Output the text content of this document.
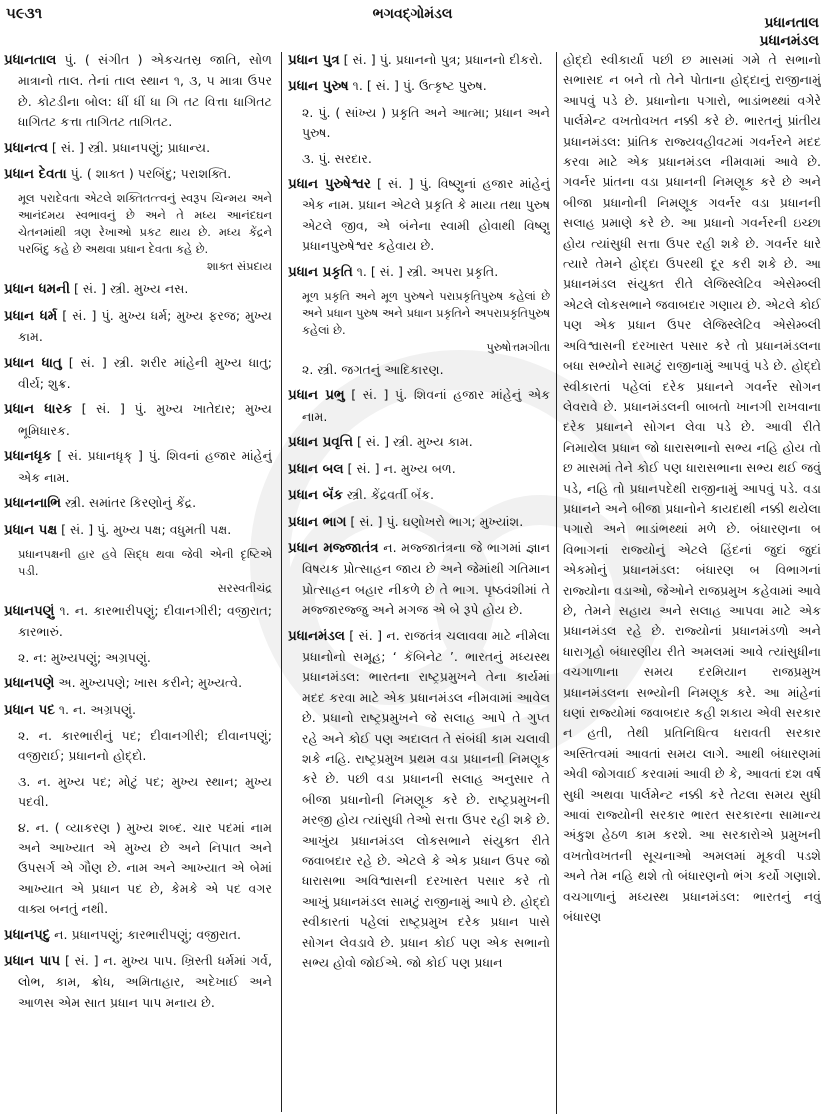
૫૯૩૧	ભગવદ્ગોમંડલ
પ્રધાનતાલ
પ્રધાનમંડલ
પ્રધાનતાલ પું. ( સંગીત ) એકચતસ્ર જાતિ, સોળ માત્રાનો તાલ. તેનાં તાલ સ્થાન ૧, ૩, ૫ માત્રા ઉપર છે. કોટડીના બોલ: ધીં ધીં ધા ગિ તટ વિત્તા ધાગિતટ ધાગિતટ કત્તા તાગિતટ તાગિતટ.
પ્રધાનત્વ [ સં. ] સ્ત્રી. પ્રધાનપણું; પ્રાધાન્ય.
પ્રધાન દેવતા પું. ( શાક્ત ) પરબિંદુ; પરાશક્તિ.
મૂલ પરાદેવતા એટલે શક્તિતત્ત્વનું સ્વરૂપ ચિન્મય અને આનંદમય સ્વભાવનું છે અને તે મધ્ય આનંદઘન ચેતનમાંથી ત્રણ રેખાઓ પ્રકટ થાય છે. મધ્ય કેંદ્રને પરબિંદુ કહે છે અથવા પ્રધાન દેવતા કહે છે.
શાક્ત સંપ્રદાય
પ્રધાન ધમની [ સં. ] સ્ત્રી. મુખ્ય નસ.
પ્રધાન ધર્મ [ સં. ] પું. મુખ્ય ધર્મ; મુખ્ય ફરજ; મુખ્ય કામ.
પ્રધાન ધાતુ [ સં. ] સ્ત્રી. શરીર માંહેની મુખ્ય ધાતુ; વીર્ય; શુક્ર.
પ્રધાન ધારક [ સં. ] પું. મુખ્ય ખાતેદાર; મુખ્ય ભૂમિધારક.
પ્રધાનધૃક [ સં. પ્રધાનધૃક્ ] પું. શિવનાં હજાર માંહેનું એક નામ.
પ્રધાનનાભિ સ્ત્રી. સમાંતર કિરણોનું કેંદ્ર.
પ્રધાન પક્ષ [ સં. ] પું. મુખ્ય પક્ષ; વધુમતી પક્ષ.
પ્રધાનપક્ષની હાર હવે સિદ્ધ થવા જેવી એની દૃષ્ટિએ પડી.
સરસ્વતીચંદ્ર
પ્રધાનપણું ૧. ન. કારભારીપણું; દીવાનગીરી; વજીરાત; કારભારું.
૨. ન: મુખ્યપણું; અગ્રપણું.
પ્રધાનપણે અ. મુખ્યપણે; ખાસ કરીને; મુખ્યત્વે.
પ્રધાન પદ ૧. ન. અગ્રપણું.
૨. ન. કારભારીનું પદ; દીવાનગીરી; દીવાનપણું; વજીરાઈ; પ્રધાનનો હોદ્દો.
૩. ન. મુખ્ય પદ; મોટું પદ; મુખ્ય સ્થાન; મુખ્ય પદવી.
૪. ન. ( વ્યાકરણ ) મુખ્ય શબ્દ. ચાર પદમાં નામ અને આખ્યાત એ મુખ્ય છે અને નિપાત અને ઉપસર્ગ એ ગૌણ છે. નામ અને આખ્યાત એ બેમાં આખ્યાત એ પ્રધાન પદ છે, કેમકે એ પદ વગર વાક્ય બનતું નથી.
પ્રધાનપદુ ન. પ્રધાનપણું; કારભારીપણું; વજીરાત.
પ્રધાન પાપ [ સં. ] ન. મુખ્ય પાપ. ખ્રિસ્તી ધર્મમાં ગર્વ, લોભ, કામ, ક્રોધ, અમિતાહાર, અદેખાઈ અને આળસ એમ સાત પ્રધાન પાપ મનાય છે.
પ્રધાન પુત્ર [ સં. ] પું. પ્રધાનનો પુત્ર; પ્રધાનનો દીકરો.
પ્રધાન પુરુષ ૧. [ સં. ] પું. ઉત્કૃષ્ટ પુરુષ.
૨. પું. ( સાંખ્ય ) પ્રકૃતિ અને આત્મા; પ્રધાન અને પુરુષ.
૩. પું. સરદાર.
પ્રધાન પુરુષેશ્વર [ સં. ] પું. વિષ્ણુનાં હજાર માંહેનું એક નામ. પ્રધાન એટલે પ્રકૃતિ કે માયા તથા પુરુષ એટલે જીવ, એ બંનેના સ્વામી હોવાથી વિષ્ણુ પ્રધાનપુરુષેશ્વર કહેવાય છે.
પ્રધાન પ્રકૃતિ ૧. [ સં. ] સ્ત્રી. અપરા પ્રકૃતિ.
મૂળ પ્રકૃતિ અને મૂળ પુરુષને પરાપ્રકૃતિપુરુષ કહેલાં છે અને પ્રધાન પુરુષ અને પ્રધાન પ્રકૃતિને અપરાપ્રકૃતિપુરુષ કહેલાં છે.
પુરુષોત્તમગીતા
૨. સ્ત્રી. જગતનું આદિકારણ.
પ્રધાન પ્રભુ [ સં. ] પું. શિવનાં હજાર માંહેનું એક નામ.
પ્રધાન પ્રવૃત્તિ [ સં. ] સ્ત્રી. મુખ્ય કામ.
પ્રધાન બલ [ સં. ] ન. મુખ્ય બળ.
પ્રધાન બૅંક સ્ત્રી. કેંદ્રવર્તી બૅંક.
પ્રધાન ભાગ [ સં. ] પું. ઘણોખરો ભાગ; મુખ્યાંશ.
પ્રધાન મજ્જાતંત્ર ન. મજ્જાતંત્રના જે ભાગમાં જ્ઞાન વિષયક પ્રોત્સાહન જાય છે અને જેમાંથી ગતિમાન પ્રોત્સાહન બહાર નીકળે છે તે ભાગ. પૃષ્ઠવંશીમાં તે મજ્જારજ્જુ અને મગજ એ બે રૂપે હોય છે.
પ્રધાનમંડલ [ સં. ] ન. રાજતંત્ર ચલાવવા માટે નીમેલા પ્રધાનોનો સમૂહ; ‘ કૅબિનેટ ’. ભારતનું મધ્યસ્થ પ્રધાનમંડલ: ભારતના રાષ્ટ્રપ્રમુખને તેના કાર્યમાં મદદ કરવા માટે એક પ્રધાનમંડલ નીમવામાં આવેલ છે. પ્રધાનો રાષ્ટ્રપ્રમુખને જે સલાહ આપે તે ગુપ્ત રહે અને કોઈ પણ અદાલત તે સંબંધી કામ ચલાવી શકે નહિ. રાષ્ટ્રપ્રમુખ પ્રથમ વડા પ્રધાનની નિમણૂક કરે છે. પછી વડા પ્રધાનની સલાહ અનુસાર તે બીજા પ્રધાનોની નિમણૂક કરે છે. રાષ્ટ્રપ્રમુખની મરજી હોય ત્યાંસુધી તેઓ સત્તા ઉપર રહી શકે છે. આખુંય પ્રધાનમંડલ લોકસભાને સંયુક્ત રીતે જવાબદાર રહે છે. એટલે કે એક પ્રધાન ઉપર જો ધારાસભા અવિશ્વાસની દરખાસ્ત પસાર કરે તો આખું પ્રધાનમંડલ સામટું રાજીનામું આપે છે. હોદ્દો સ્વીકારતાં પહેલાં રાષ્ટ્રપ્રમુખ દરેક પ્રધાન પાસે સોગન લેવડાવે છે. પ્રધાન કોઈ પણ એક સભાનો સભ્ય હોવો જોઈએ. જો કોઈ પણ પ્રધાન

હોદ્દો સ્વીકાર્યા પછી છ માસમાં ગમે તે સભાનો સભાસદ ન બને તો તેને પોતાના હોદ્દાનું રાજીનામું આપવું પડે છે. પ્રધાનોના પગારો, ભાડાંભથ્થાં વગેરે પાર્લમેન્ટ વખતોવખત નક્કી કરે છે. ભારતનું પ્રાંતીય પ્રધાનમંડલ: પ્રાંતિક રાજ્યવહીવટમાં ગવર્નરને મદદ કરવા માટે એક પ્રધાનમંડલ નીમવામાં આવે છે. ગવર્નર પ્રાંતના વડા પ્રધાનની નિમણૂક કરે છે અને બીજા પ્રધાનોની નિમણૂક ગવર્નર વડા પ્રધાનની સલાહ પ્રમાણે કરે છે. આ પ્રધાનો ગવર્નરની ઇચ્છા હોય ત્યાંસુધી સત્તા ઉપર રહી શકે છે. ગવર્નર ધારે ત્યારે તેમને હોદ્દા ઉપરથી દૂર કરી શકે છે. આ પ્રધાનમંડલ સંયુક્ત રીતે લેજિસ્લેટિવ એસેમ્બ્લી એટલે લોકસભાને જવાબદાર ગણાય છે. એટલે કોઈ પણ એક પ્રધાન ઉપર લેજિસ્લેટિવ એસેમ્બ્લી અવિશ્વાસની દરખાસ્ત પસાર કરે તો પ્રધાનમંડલના બધા સભ્યોને સામટું રાજીનામું આપવું પડે છે. હોદ્દો સ્વીકારતાં પહેલાં દરેક પ્રધાનને ગવર્નર સોગન લેવરાવે છે. પ્રધાનમંડલની બાબતો ખાનગી રાખવાના દરેક પ્રધાનને સોગન લેવા પડે છે. આવી રીતે નિમાયેલ પ્રધાન જો ધારાસભાનો સભ્ય નહિ હોય તો છ માસમાં તેને કોઈ પણ ધારાસભાના સભ્ય થઈ જવું પડે, નહિ તો પ્રધાનપદેથી રાજીનામું આપવું પડે. વડા પ્રધાનને અને બીજા પ્રધાનોને કાયદાથી નક્કી થયેલા પગારો અને ભાડાંભથ્થાં મળે છે. બંધારણના બ વિભાગનાં રાજ્યોનું એટલે હિંદનાં જુદાં જુદાં એકમોનું પ્રધાનમંડલ: બંધારણ બ વિભાગનાં રાજ્યોના વડાઓ, જેઓને રાજપ્રમુખ કહેવામાં આવે છે, તેમને સહાય અને સલાહ આપવા માટે એક પ્રધાનમંડલ રહે છે. રાજ્યોનાં પ્રધાનમંડળો અને ધારાગૃહો બંધારણીય રીતે અમલમાં આવે ત્યાંસુધીના વચગાળાના સમય દરમિયાન રાજપ્રમુખ પ્રધાનમંડલના સભ્યોની નિમણૂક કરે. આ માંહેનાં ઘણાં રાજ્યોમાં જવાબદાર કહી શકાય એવી સરકાર ન હતી, તેથી પ્રતિનિધિત્વ ધરાવતી સરકાર અસ્તિત્વમાં આવતાં સમય લાગે. આથી બંધારણમાં એવી જોગવાઈ કરવામાં આવી છે કે, આવતાં દશ વર્ષ સુધી અથવા પાર્લમેન્ટ નક્કી કરે તેટલા સમય સુધી આવાં રાજ્યોની સરકાર ભારત સરકારના સામાન્ય અંકુશ હેઠળ કામ કરશે. આ સરકારોએ પ્રમુખની વખતોવખતની સૂચનાઓ અમલમાં મૂકવી પડશે અને તેમ નહિ થશે તો બંધારણનો ભંગ કર્યો ગણાશે. વચગાળાનું મધ્યસ્થ પ્રધાનમંડલ: ભારતનું નવું બંધારણ
